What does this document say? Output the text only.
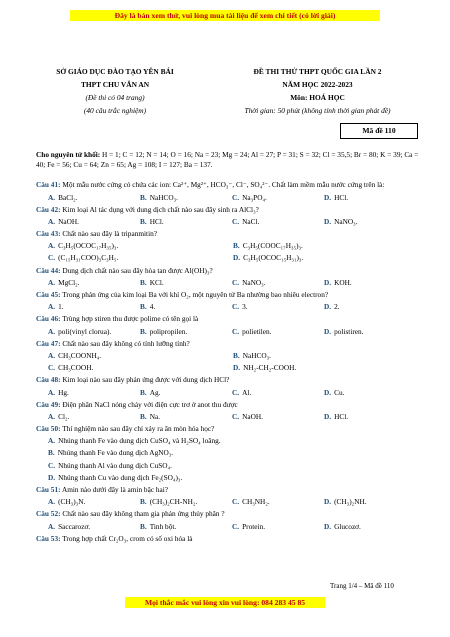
Đây là bản xem thử, vui lòng mua tài liệu để xem chi tiết (có lời giải)
SỞ GIÁO DỤC ĐÀO TẠO YÊN BÁI
THPT CHU VĂN AN
(Đề thi có 04 trang)
(40 câu trắc nghiệm)
ĐỀ THI THỬ THPT QUỐC GIA LẦN 2
NĂM HỌC 2022-2023
Môn: HOÁ HỌC
Thời gian: 50 phút (không tính thời gian phát đề)
Mã đề 110
Cho nguyên tử khối: H = 1; C = 12; N = 14; O = 16; Na = 23; Mg = 24; Al = 27; P = 31; S = 32; Cl = 35,5; Br = 80; K = 39; Ca = 40; Fe = 56; Cu = 64; Zn = 65; Ag = 108; I = 127; Ba = 137.
Câu 41: Một mẫu nước cứng có chứa các ion: Ca²⁺, Mg²⁺, HCO₃⁻, Cl⁻, SO₄²⁻. Chất làm mềm mẫu nước cứng trên là:
A. BaCl₂.	B. NaHCO₃.	C. Na₃PO₄.	D. HCl.
Câu 42: Kim loại Al tác dụng với dung dịch chất nào sau đây sinh ra AlCl₃?
A. NaOH.	B. HCl.	C. NaCl.	D. NaNO₃.
Câu 43: Chất nào sau đây là tripanmitin?
A. C₃H₅(OCOC₁₇H₃₅)₃.	B. C₃H₅(COOC₁₇H₃₅)₃.
C. (C₁₅H₃₁COO)₃C₃H₅.	D. C₃H₅(OCOC₁₅H₃₁)₃.
Câu 44: Dung dịch chất nào sau đây hòa tan được Al(OH)₃?
A. MgCl₂.	B. KCl.	C. NaNO₃.	D. KOH.
Câu 45: Trong phản ứng của kim loại Ba với khí O₂, một nguyên tử Ba nhường bao nhiêu electron?
A. 1.	B. 4.	C. 3.	D. 2.
Câu 46: Trùng hợp stiren thu được polime có tên gọi là
A. poli(vinyl clorua).	B. polipropilen.	C. polietilen.	D. polistiren.
Câu 47: Chất nào sau đây không có tính lưỡng tính?
A. CH₃COONH₄.	B. NaHCO₃.
C. CH₃COOH.	D. NH₂-CH₂-COOH.
Câu 48: Kim loại nào sau đây phản ứng được với dung dịch HCl?
A. Hg.	B. Ag.	C. Al.	D. Cu.
Câu 49: Điện phân NaCl nóng chảy với điện cực trơ ở anot thu được
A. Cl₂.	B. Na.	C. NaOH.	D. HCl.
Câu 50: Thí nghiệm nào sau đây chỉ xảy ra ăn mòn hóa học?
A. Nhúng thanh Fe vào dung dịch CuSO₄ và H₂SO₄ loãng.
B. Nhúng thanh Fe vào dung dịch AgNO₃.
C. Nhúng thanh Al vào dung dịch CuSO₄.
D. Nhúng thanh Cu vào dung dịch Fe₂(SO₄)₃.
Câu 51: Amin nào dưới đây là amin bậc hai?
A. (CH₃)₃N.	B. (CH₃)₂CH-NH₂.	C. CH₃NH₂.	D. (CH₃)₂NH.
Câu 52: Chất nào sau đây không tham gia phản ứng thủy phân ?
A. Saccarozơ.	B. Tinh bột.	C. Protein.	D. Glucozơ.
Câu 53: Trong hợp chất Cr₂O₃, crom có số oxi hóa là
Trang 1/4 – Mã đề 110
Mọi thắc mắc vui lòng xin vui lòng: 084 283 45 85
